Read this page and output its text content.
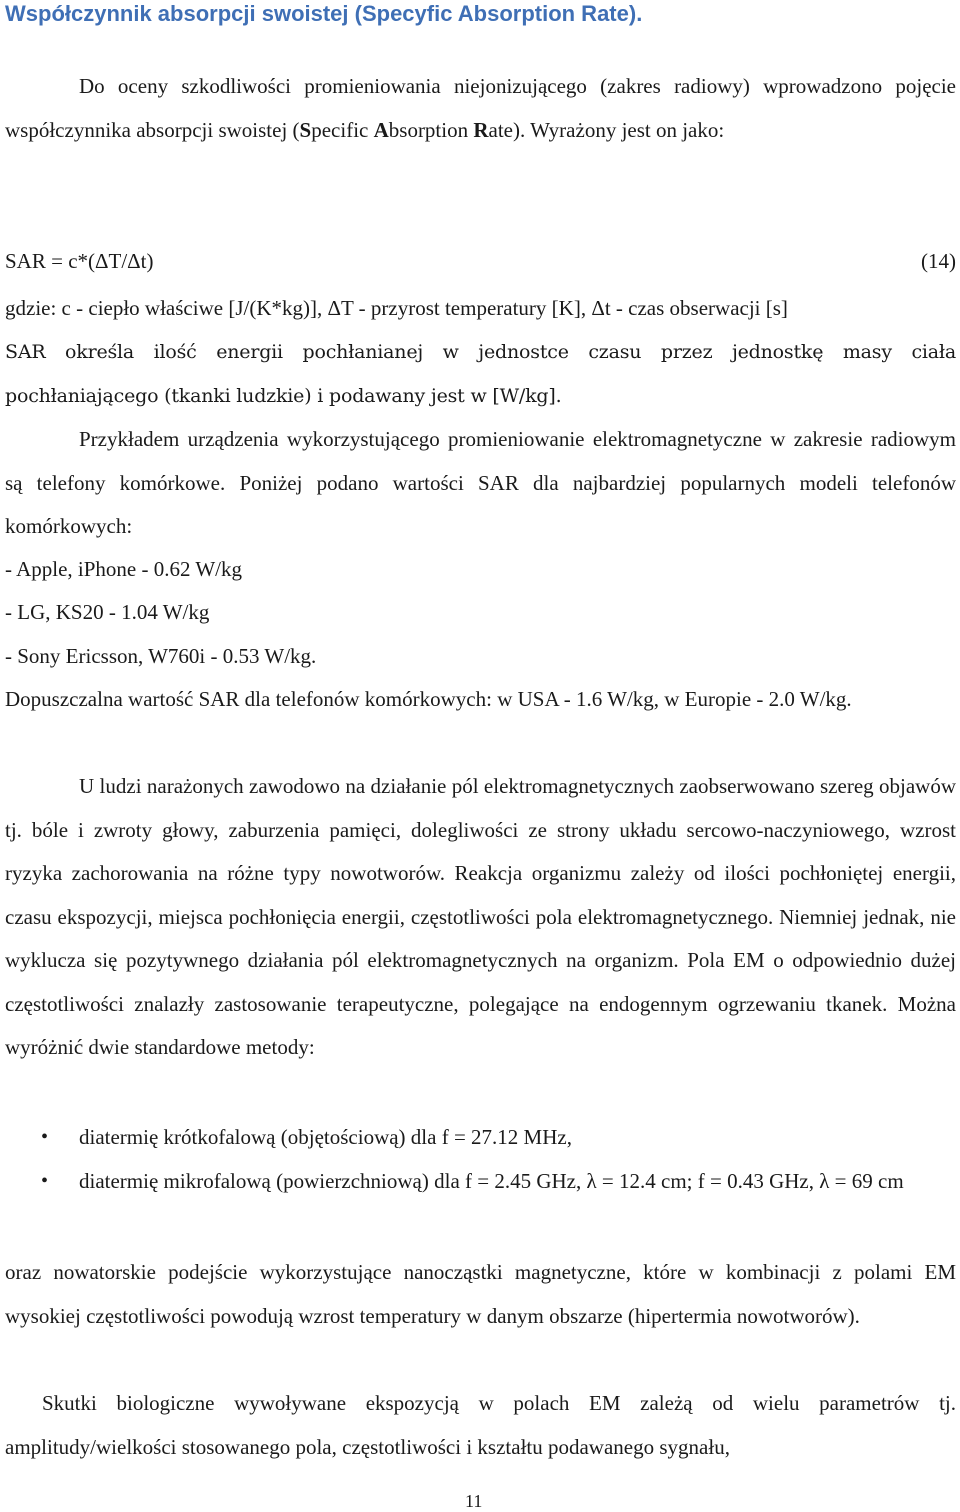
Współczynnik absorpcji swoistej (Specyfic Absorption Rate).

Do oceny szkodliwości promieniowania niejonizującego (zakres radiowy) wprowadzono pojęcie współczynnika absorpcji swoistej (Specific Absorption Rate). Wyrażony jest on jako:

SAR = c*(ΔT/Δt)	(14)
gdzie: c - ciepło właściwe [J/(K*kg)], ΔT - przyrost temperatury [K], Δt - czas obserwacji [s]

SAR określa ilość energii pochłanianej w jednostce czasu przez jednostkę masy ciała pochłaniającego (tkanki ludzkie) i podawany jest w [W/kg].

Przykładem urządzenia wykorzystującego promieniowanie elektromagnetyczne w zakresie radiowym są telefony komórkowe. Poniżej podano wartości SAR dla najbardziej popularnych modeli telefonów komórkowych:

- Apple, iPhone - 0.62 W/kg
- LG, KS20 - 1.04 W/kg
- Sony Ericsson, W760i - 0.53 W/kg.

Dopuszczalna wartość SAR dla telefonów komórkowych: w USA - 1.6 W/kg, w Europie - 2.0 W/kg.

U ludzi narażonych zawodowo na działanie pól elektromagnetycznych zaobserwowano szereg objawów tj. bóle i zwroty głowy, zaburzenia pamięci, dolegliwości ze strony układu sercowo-naczyniowego, wzrost ryzyka zachorowania na różne typy nowotworów. Reakcja organizmu zależy od ilości pochłoniętej energii, czasu ekspozycji, miejsca pochłonięcia energii, częstotliwości pola elektromagnetycznego. Niemniej jednak, nie wyklucza się pozytywnego działania pól elektromagnetycznych na organizm. Pola EM o odpowiednio dużej częstotliwości znalazły zastosowanie terapeutyczne, polegające na endogennym ogrzewaniu tkanek. Można wyróżnić dwie standardowe metody:

• diatermię krótkofalową (objętościową) dla f = 27.12 MHz,
• diatermię mikrofalową (powierzchniową) dla f = 2.45 GHz, λ = 12.4 cm; f = 0.43 GHz, λ = 69 cm

oraz nowatorskie podejście wykorzystujące nanocząstki magnetyczne, które w kombinacji z polami EM wysokiej częstotliwości powodują wzrost temperatury w danym obszarze (hipertermia nowotworów).

Skutki biologiczne wywoływane ekspozycją w polach EM zależą od wielu parametrów tj. amplitudy/wielkości stosowanego pola, częstotliwości i kształtu podawanego sygnału,

11
